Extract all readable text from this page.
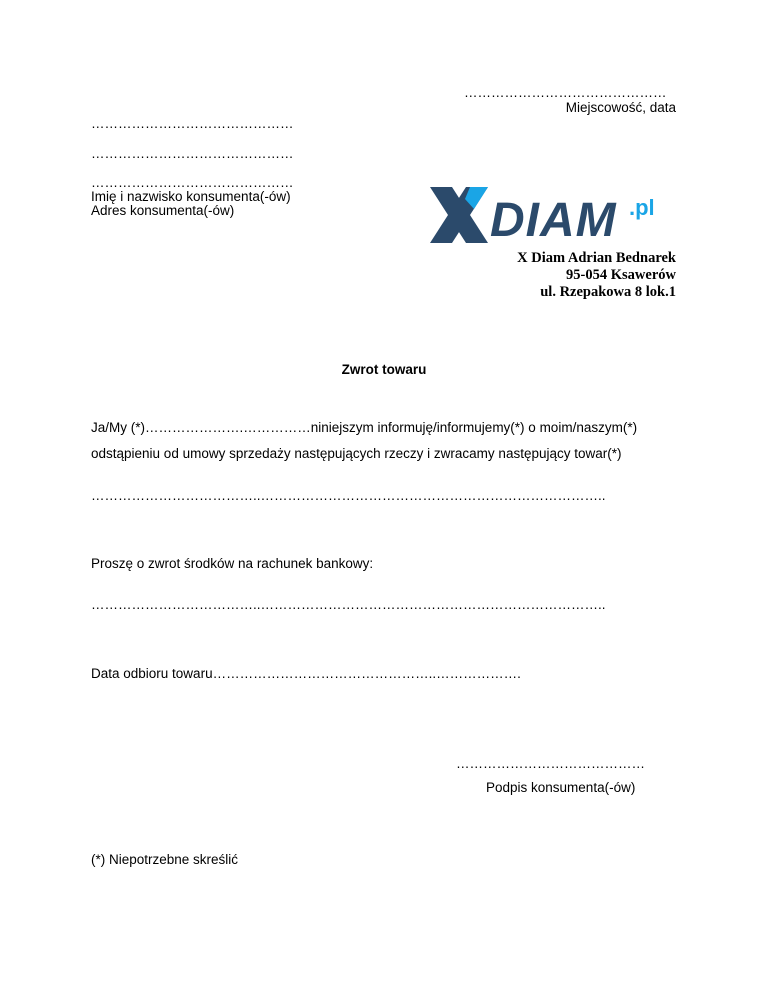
………………………………………
Miejscowość, data
………………………………………
………………………………………
………………………………………
Imię i nazwisko konsumenta(-ów)
Adres konsumenta(-ów)	DIAM .pl
X Diam Adrian Bednarek
95-054 Ksawerów
ul. Rzepakowa 8 lok.1
Zwrot towaru
Ja/My (*)………………….……………niniejszym informuję/informujemy(*) o moim/naszym(*)
odstąpieniu od umowy sprzedaży następujących rzeczy i zwracamy następujący towar(*)
………………………………..…………………………………………………………………..
Proszę o zwrot środków na rachunek bankowy:
………………………………..…………………………………………………………………..
Data odbioru towaru…………………………………………..……………….
……………………………………
Podpis konsumenta(-ów)
(*) Niepotrzebne skreślić
